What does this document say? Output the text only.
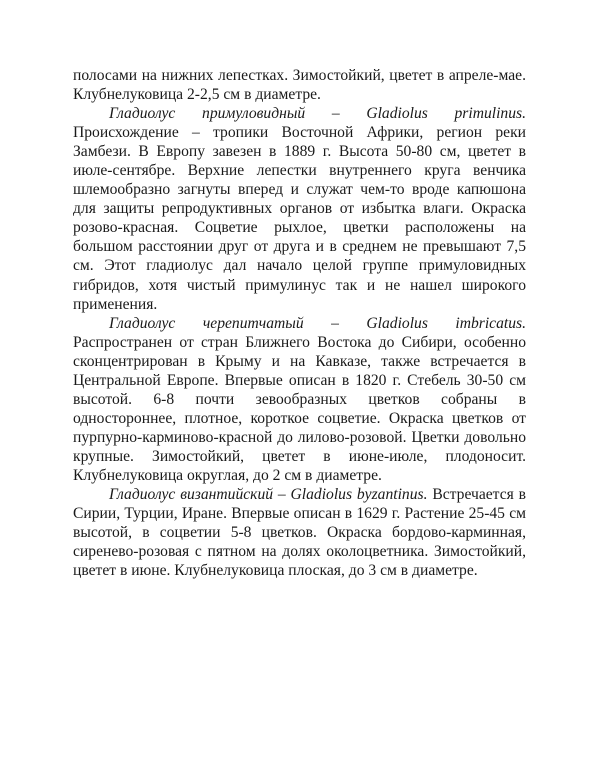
полосами на нижних лепестках. Зимостойкий, цветет в апреле-мае. Клубнелуковица 2-2,5 см в диаметре.

Гладиолус примуловидный – Gladiolus primulinus. Происхождение – тропики Восточной Африки, регион реки Замбези. В Европу завезен в 1889 г. Высота 50-80 см, цветет в июле-сентябре. Верхние лепестки внутреннего круга венчика шлемообразно загнуты вперед и служат чем-то вроде капюшона для защиты репродуктивных органов от избытка влаги. Окраска розово-красная. Соцветие рыхлое, цветки расположены на большом расстоянии друг от друга и в среднем не превышают 7,5 см. Этот гладиолус дал начало целой группе примуловидных гибридов, хотя чистый примулинус так и не нашел широкого применения.

Гладиолус черепитчатый – Gladiolus imbricatus. Распространен от стран Ближнего Востока до Сибири, особенно сконцентрирован в Крыму и на Кавказе, также встречается в Центральной Европе. Впервые описан в 1820 г. Стебель 30-50 см высотой. 6-8 почти зевообразных цветков собраны в одностороннее, плотное, короткое соцветие. Окраска цветков от пурпурно-карминово-красной до лилово-розовой. Цветки довольно крупные. Зимостойкий, цветет в июне-июле, плодоносит. Клубнелуковица округлая, до 2 см в диаметре.

Гладиолус византийский – Gladiolus byzantinus. Встречается в Сирии, Турции, Иране. Впервые описан в 1629 г. Растение 25-45 см высотой, в соцветии 5-8 цветков. Окраска бордово-карминная, сиренево-розовая с пятном на долях околоцветника. Зимостойкий, цветет в июне. Клубнелуковица плоская, до 3 см в диаметре.
